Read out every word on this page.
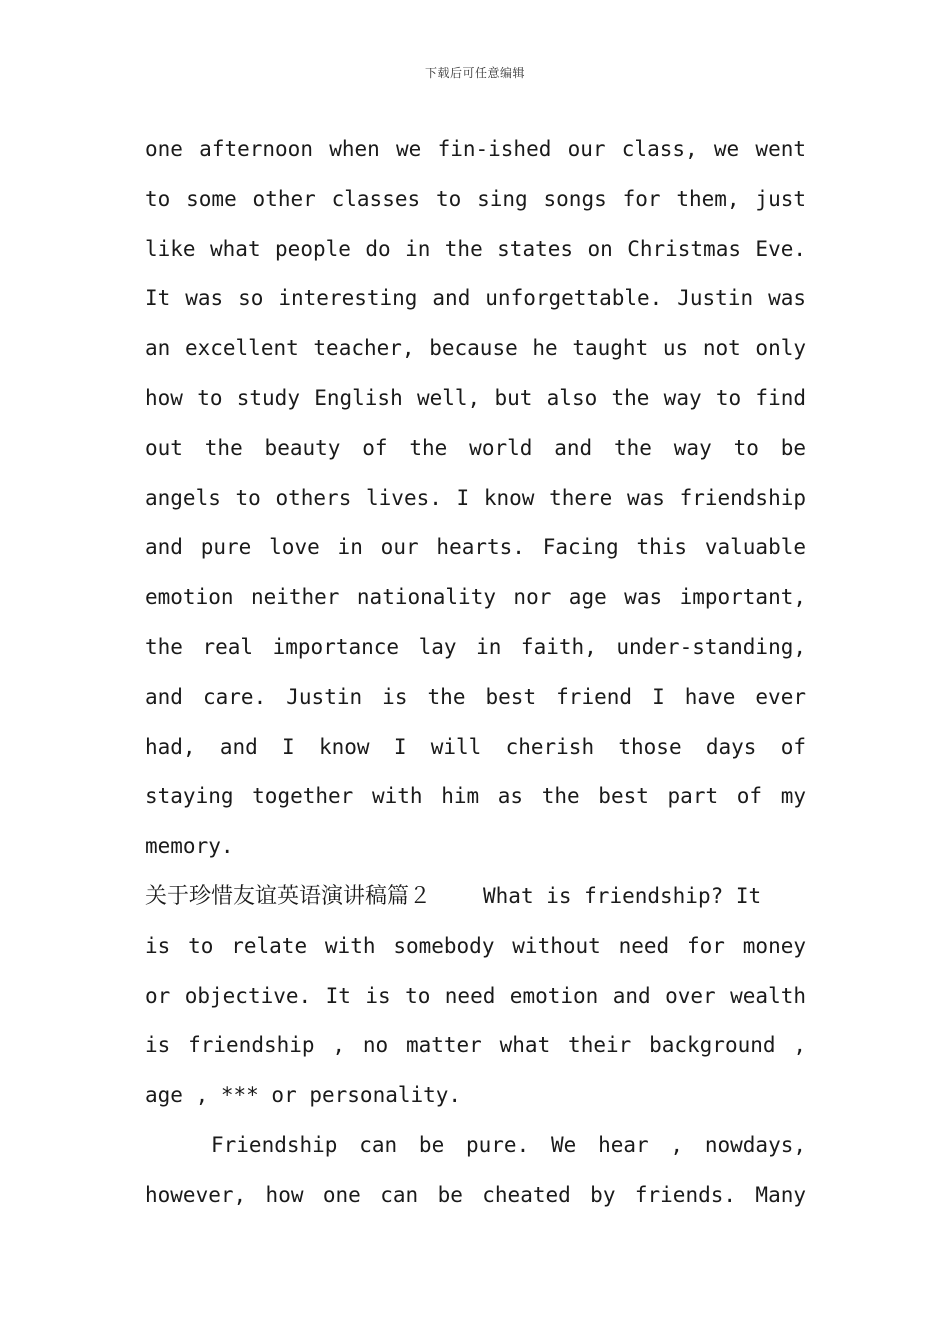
下载后可任意编辑
one afternoon when we fin-ished our class, we went
to some other classes to sing songs for them, just
like what people do in the states on Christmas Eve.
It was so interesting and unforgettable. Justin was
an excellent teacher, because he taught us not only
how to study English well, but also the way to find
out the beauty of the world and the way to be
angels to others lives. I know there was friendship
and pure love in our hearts. Facing this valuable
emotion neither nationality nor age was important,
the real importance lay in faith, under-standing,
and care. Justin is the best friend I have ever
had, and I know I will cherish those days of
staying together with him as the best part of my
memory.
关于珍惜友谊英语演讲稿篇２ What is friendship? It
is to relate with somebody without need for money
or objective. It is to need emotion and over wealth
is friendship , no matter what their background ,
age , *** or personality.
Friendship can be pure. We hear , nowdays,
however, how one can be cheated by friends. Many
